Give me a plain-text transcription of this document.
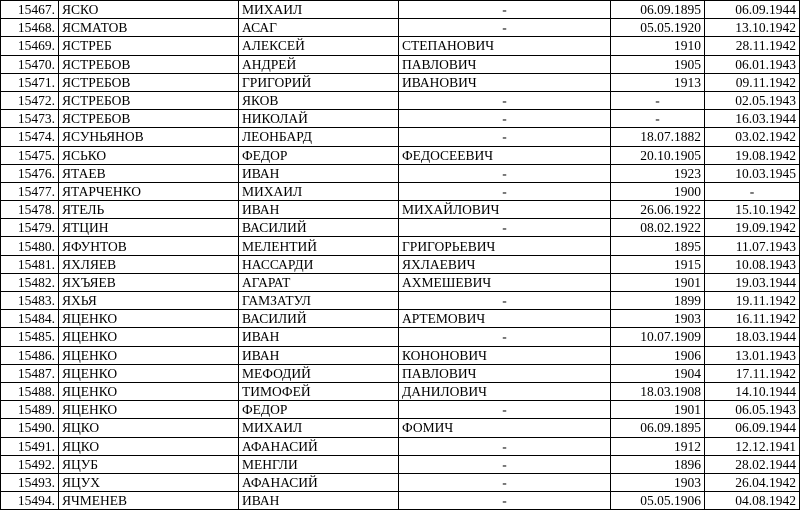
15467.	ЯСКО	МИХАИЛ	-	06.09.1895	06.09.1944
15468.	ЯСМАТОВ	АСАГ	-	05.05.1920	13.10.1942
15469.	ЯСТРЕБ	АЛЕКСЕЙ	СТЕПАНОВИЧ	1910	28.11.1942
15470.	ЯСТРЕБОВ	АНДРЕЙ	ПАВЛОВИЧ	1905	06.01.1943
15471.	ЯСТРЕБОВ	ГРИГОРИЙ	ИВАНОВИЧ	1913	09.11.1942
15472.	ЯСТРЕБОВ	ЯКОВ	-	-	02.05.1943
15473.	ЯСТРЕБОВ	НИКОЛАЙ	-	-	16.03.1944
15474.	ЯСУНЬЯНОВ	ЛЕОНБАРД	-	18.07.1882	03.02.1942
15475.	ЯСЬКО	ФЕДОР	ФЕДОСЕЕВИЧ	20.10.1905	19.08.1942
15476.	ЯТАЕВ	ИВАН	-	1923	10.03.1945
15477.	ЯТАРЧЕНКО	МИХАИЛ	-	1900	-
15478.	ЯТЕЛЬ	ИВАН	МИХАЙЛОВИЧ	26.06.1922	15.10.1942
15479.	ЯТЦИН	ВАСИЛИЙ	-	08.02.1922	19.09.1942
15480.	ЯФУНТОВ	МЕЛЕНТИЙ	ГРИГОРЬЕВИЧ	1895	11.07.1943
15481.	ЯХЛЯЕВ	НАССАРДИ	ЯХЛАЕВИЧ	1915	10.08.1943
15482.	ЯХЪЯЕВ	АГАРАТ	АХМЕШЕВИЧ	1901	19.03.1944
15483.	ЯХЬЯ	ГАМЗАТУЛ	-	1899	19.11.1942
15484.	ЯЦЕНКО	ВАСИЛИЙ	АРТЕМОВИЧ	1903	16.11.1942
15485.	ЯЦЕНКО	ИВАН	-	10.07.1909	18.03.1944
15486.	ЯЦЕНКО	ИВАН	КОНОНОВИЧ	1906	13.01.1943
15487.	ЯЦЕНКО	МЕФОДИЙ	ПАВЛОВИЧ	1904	17.11.1942
15488.	ЯЦЕНКО	ТИМОФЕЙ	ДАНИЛОВИЧ	18.03.1908	14.10.1944
15489.	ЯЦЕНКО	ФЕДОР	-	1901	06.05.1943
15490.	ЯЦКО	МИХАИЛ	ФОМИЧ	06.09.1895	06.09.1944
15491.	ЯЦКО	АФАНАСИЙ	-	1912	12.12.1941
15492.	ЯЦУБ	МЕНГЛИ	-	1896	28.02.1944
15493.	ЯЦУХ	АФАНАСИЙ	-	1903	26.04.1942
15494.	ЯЧМЕНЕВ	ИВАН	-	05.05.1906	04.08.1942
